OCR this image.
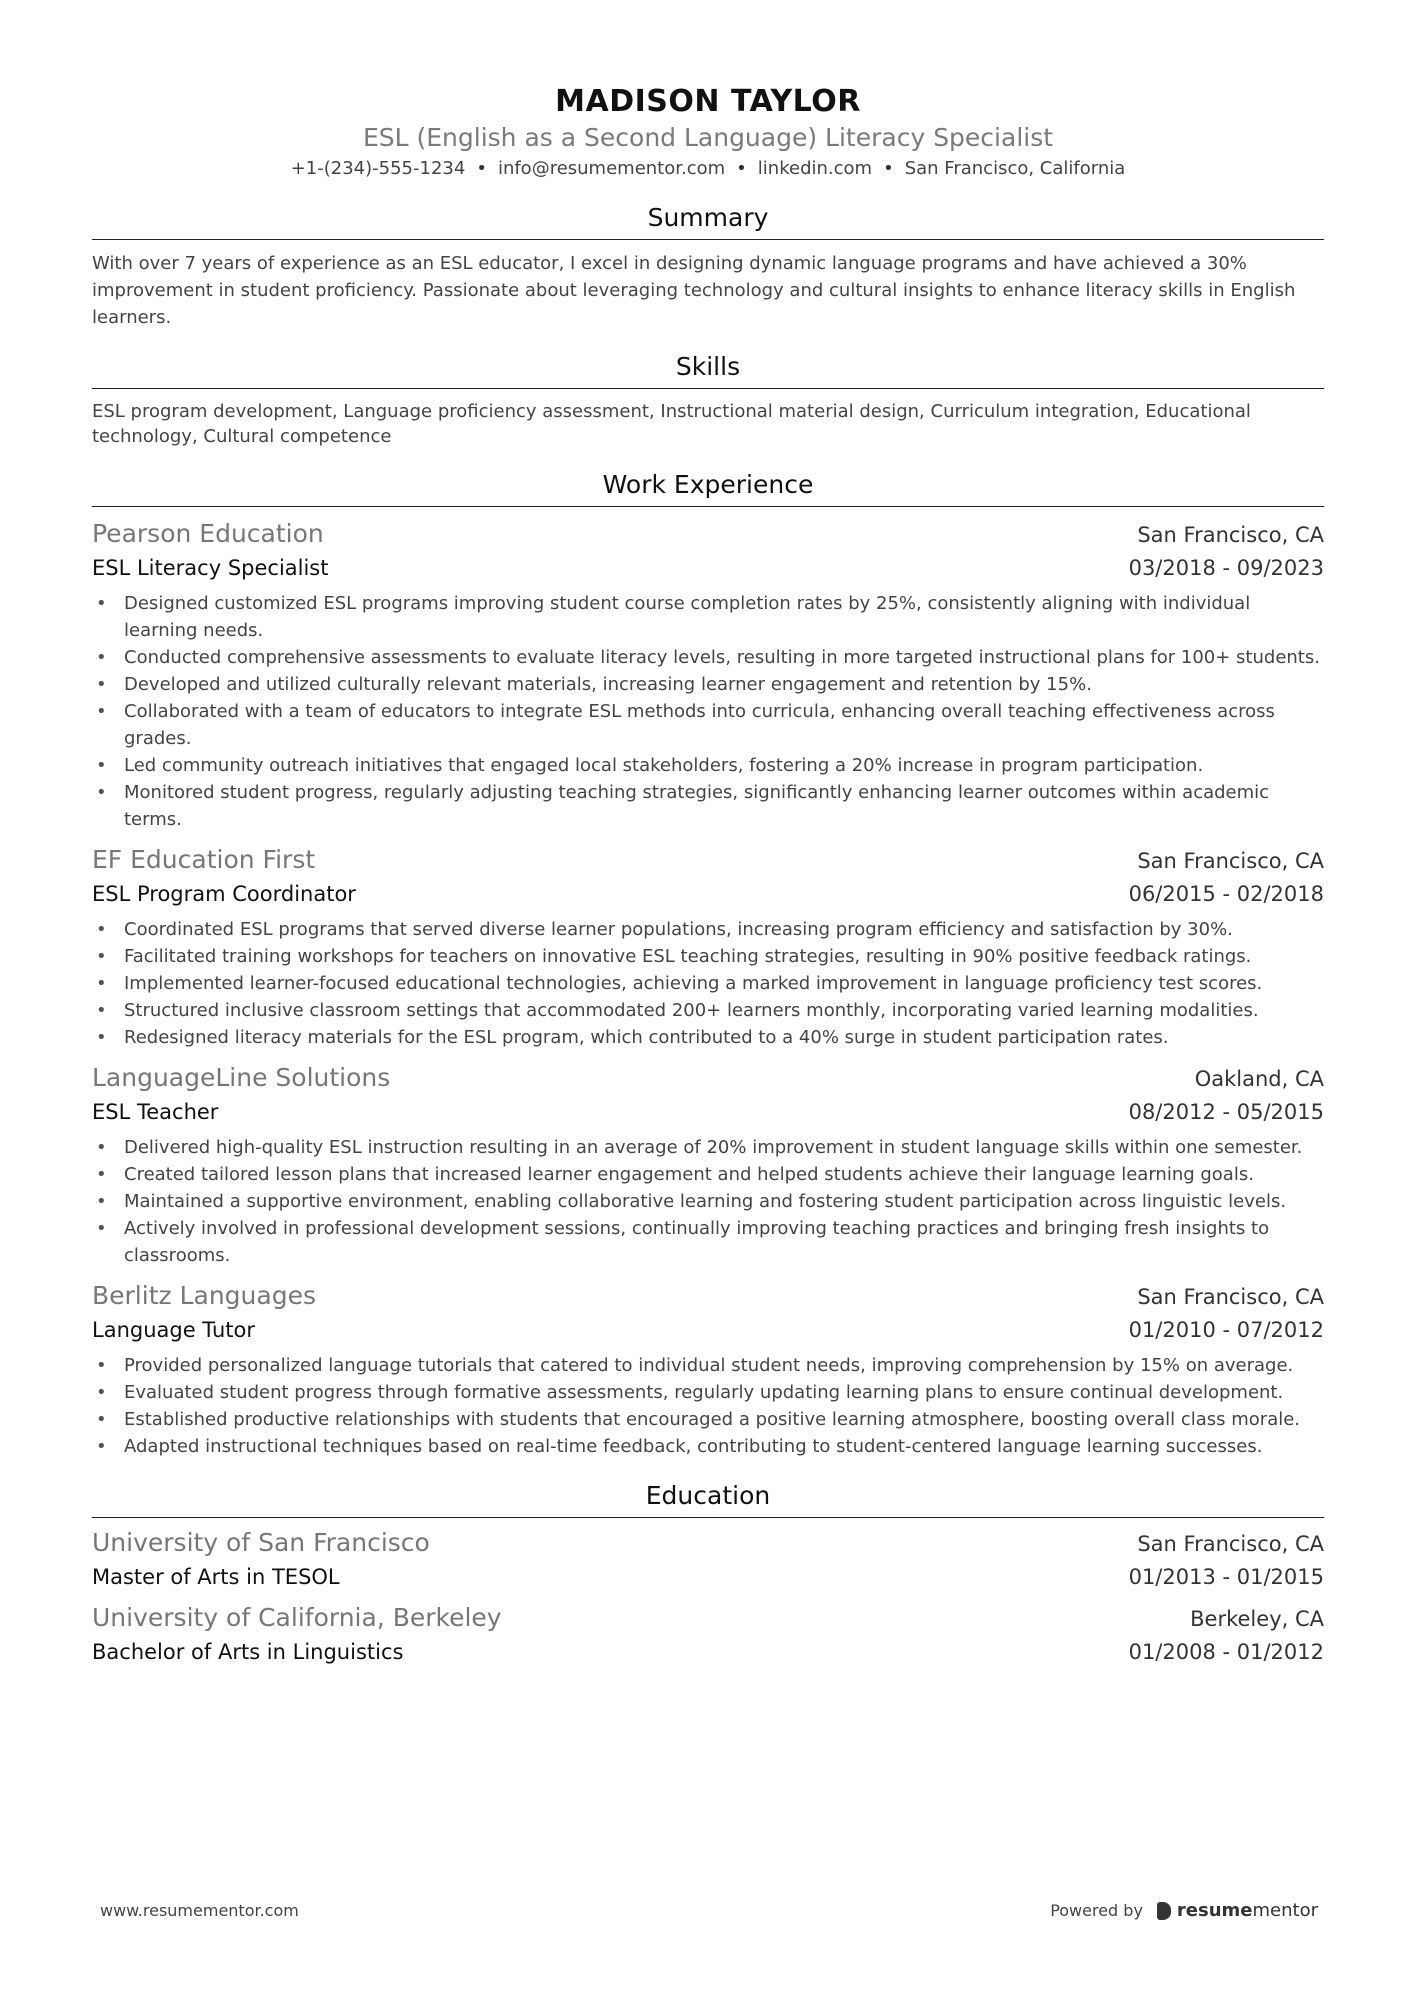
MADISON TAYLOR
ESL (English as a Second Language) Literacy Specialist
+1-(234)-555-1234 • info@resumementor.com • linkedin.com • San Francisco, California
Summary
With over 7 years of experience as an ESL educator, I excel in designing dynamic language programs and have achieved a 30% improvement in student proficiency. Passionate about leveraging technology and cultural insights to enhance literacy skills in English learners.
Skills
ESL program development, Language proficiency assessment, Instructional material design, Curriculum integration, Educational technology, Cultural competence
Work Experience
Pearson Education	San Francisco, CA
ESL Literacy Specialist	03/2018 - 09/2023
• Designed customized ESL programs improving student course completion rates by 25%, consistently aligning with individual learning needs.
• Conducted comprehensive assessments to evaluate literacy levels, resulting in more targeted instructional plans for 100+ students.
• Developed and utilized culturally relevant materials, increasing learner engagement and retention by 15%.
• Collaborated with a team of educators to integrate ESL methods into curricula, enhancing overall teaching effectiveness across grades.
• Led community outreach initiatives that engaged local stakeholders, fostering a 20% increase in program participation.
• Monitored student progress, regularly adjusting teaching strategies, significantly enhancing learner outcomes within academic terms.
EF Education First	San Francisco, CA
ESL Program Coordinator	06/2015 - 02/2018
• Coordinated ESL programs that served diverse learner populations, increasing program efficiency and satisfaction by 30%.
• Facilitated training workshops for teachers on innovative ESL teaching strategies, resulting in 90% positive feedback ratings.
• Implemented learner-focused educational technologies, achieving a marked improvement in language proficiency test scores.
• Structured inclusive classroom settings that accommodated 200+ learners monthly, incorporating varied learning modalities.
• Redesigned literacy materials for the ESL program, which contributed to a 40% surge in student participation rates.
LanguageLine Solutions	Oakland, CA
ESL Teacher	08/2012 - 05/2015
• Delivered high-quality ESL instruction resulting in an average of 20% improvement in student language skills within one semester.
• Created tailored lesson plans that increased learner engagement and helped students achieve their language learning goals.
• Maintained a supportive environment, enabling collaborative learning and fostering student participation across linguistic levels.
• Actively involved in professional development sessions, continually improving teaching practices and bringing fresh insights to classrooms.
Berlitz Languages	San Francisco, CA
Language Tutor	01/2010 - 07/2012
• Provided personalized language tutorials that catered to individual student needs, improving comprehension by 15% on average.
• Evaluated student progress through formative assessments, regularly updating learning plans to ensure continual development.
• Established productive relationships with students that encouraged a positive learning atmosphere, boosting overall class morale.
• Adapted instructional techniques based on real-time feedback, contributing to student-centered language learning successes.
Education
University of San Francisco	San Francisco, CA
Master of Arts in TESOL	01/2013 - 01/2015
University of California, Berkeley	Berkeley, CA
Bachelor of Arts in Linguistics	01/2008 - 01/2012
www.resumementor.com	Powered by resumementor
